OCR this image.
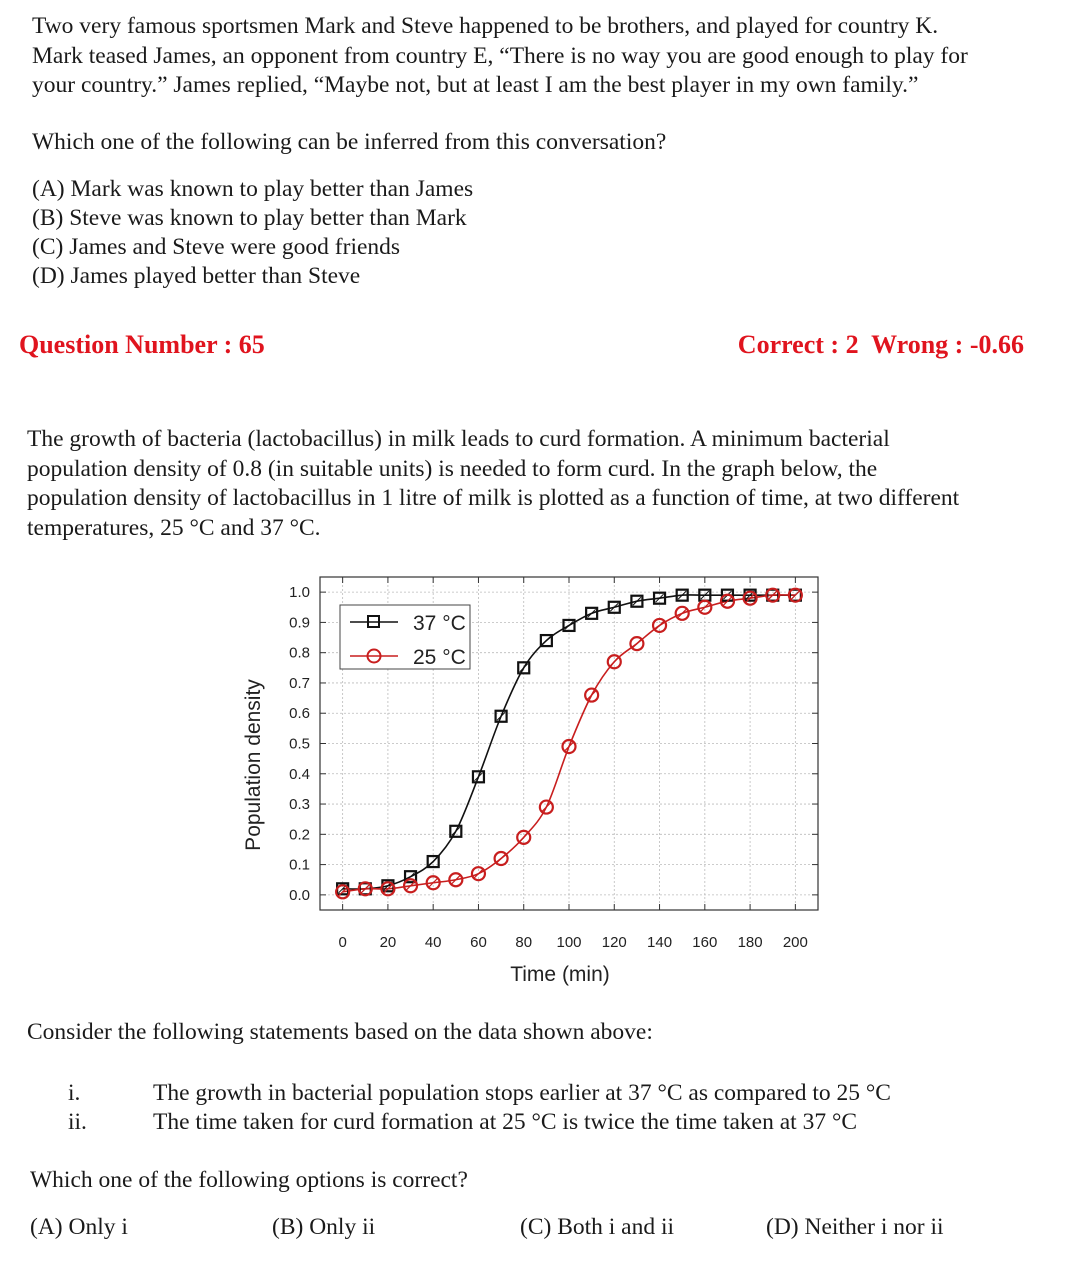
Two very famous sportsmen Mark and Steve happened to be brothers, and played for country K.
Mark teased James, an opponent from country E, “There is no way you are good enough to play for
your country.” James replied, “Maybe not, but at least I am the best player in my own family.”
Which one of the following can be inferred from this conversation?
(A) Mark was known to play better than James
(B) Steve was known to play better than Mark
(C) James and Steve were good friends
(D) James played better than Steve
Question Number : 65	Correct : 2  Wrong : -0.66
The growth of bacteria (lactobacillus) in milk leads to curd formation. A minimum bacterial
population density of 0.8 (in suitable units) is needed to form curd. In the graph below, the
population density of lactobacillus in 1 litre of milk is plotted as a function of time, at two different
temperatures, 25 °C and 37 °C.
0 20 40 60 80 100 120 140 160 180 200
0.0
0.1
0.2
0.3
0.4
0.5
0.6
0.7
0.8
0.9
1.0
Population density
Time (min)
37 °C
25 °C
Consider the following statements based on the data shown above:
i.	The growth in bacterial population stops earlier at 37 °C as compared to 25 °C
ii.	The time taken for curd formation at 25 °C is twice the time taken at 37 °C
Which one of the following options is correct?
(A) Only i	(B) Only ii	(C) Both i and ii	(D) Neither i nor ii
